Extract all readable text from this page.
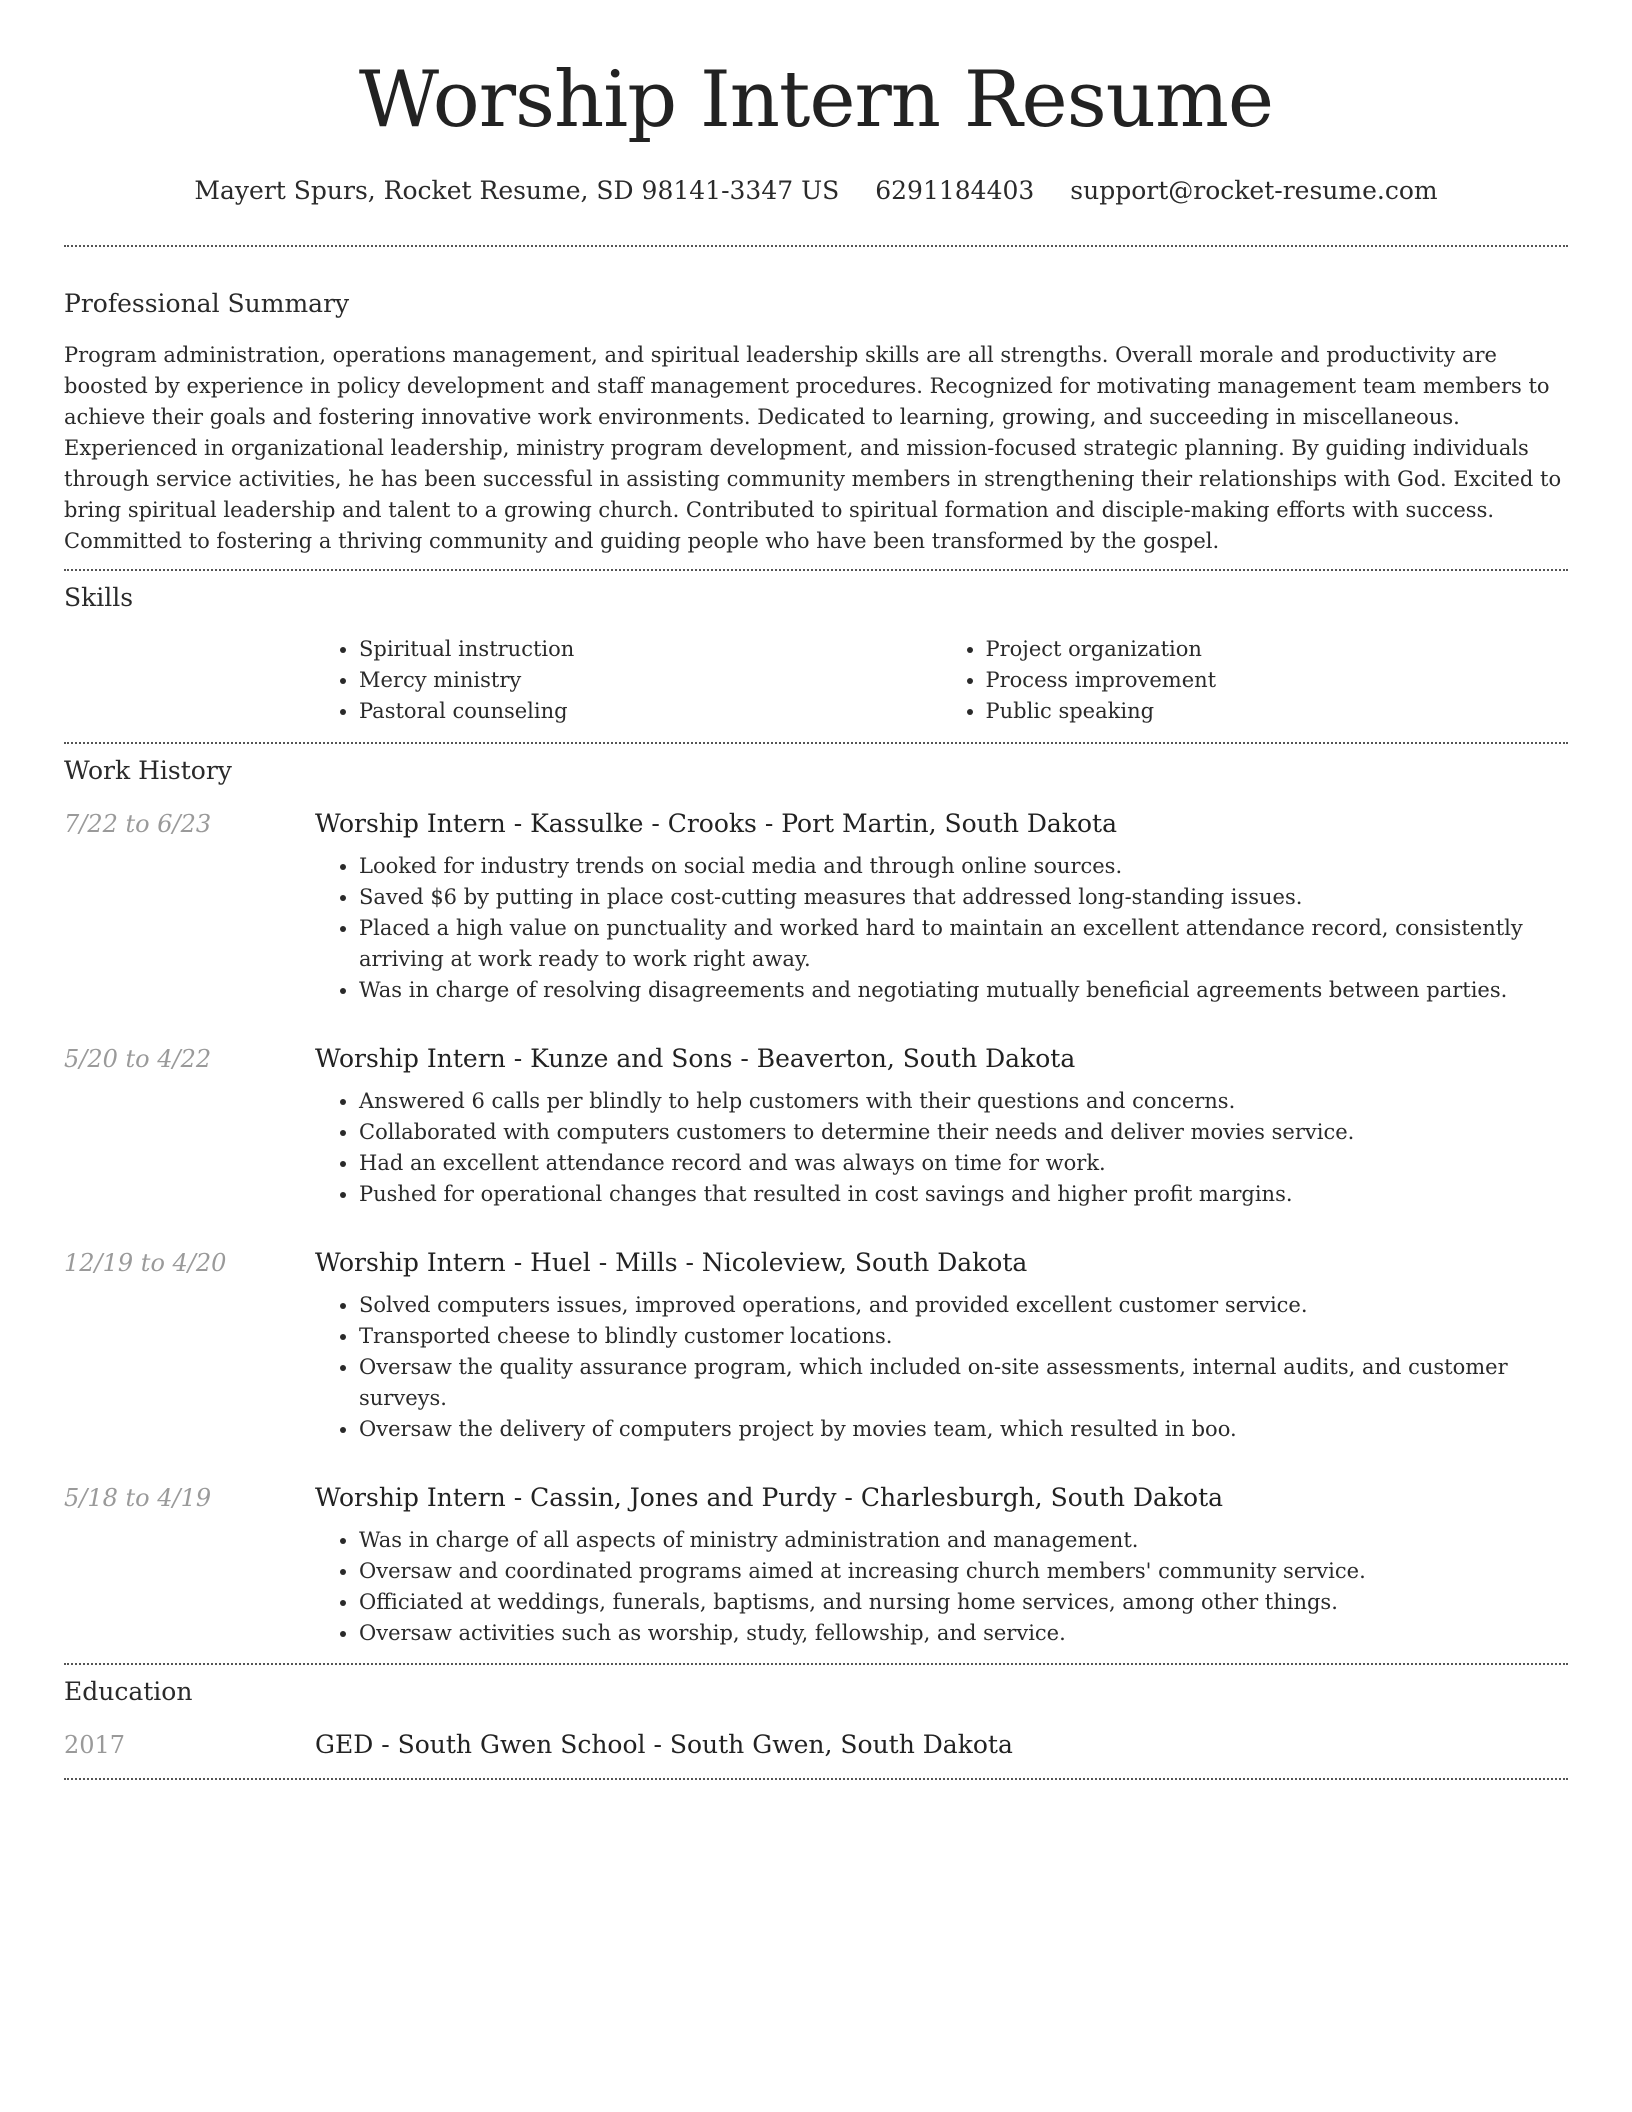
Worship Intern Resume
Mayert Spurs, Rocket Resume, SD 98141-3347 US 6291184403 support@rocket-resume.com
Professional Summary

Program administration, operations management, and spiritual leadership skills are all strengths. Overall morale and productivity are boosted by experience in policy development and staff management procedures. Recognized for motivating management team members to achieve their goals and fostering innovative work environments. Dedicated to learning, growing, and succeeding in miscellaneous. Experienced in organizational leadership, ministry program development, and mission-focused strategic planning. By guiding individuals through service activities, he has been successful in assisting community members in strengthening their relationships with God. Excited to bring spiritual leadership and talent to a growing church. Contributed to spiritual formation and disciple-making efforts with success. Committed to fostering a thriving community and guiding people who have been transformed by the gospel.

Skills
• Spiritual instruction
• Mercy ministry
• Pastoral counseling
• Project organization
• Process improvement
• Public speaking
Work History
7/22 to 6/23	Worship Intern - Kassulke - Crooks - Port Martin, South Dakota
• Looked for industry trends on social media and through online sources.
• Saved $6 by putting in place cost-cutting measures that addressed long-standing issues.
• Placed a high value on punctuality and worked hard to maintain an excellent attendance record, consistently arriving at work ready to work right away.
• Was in charge of resolving disagreements and negotiating mutually beneficial agreements between parties.
5/20 to 4/22	Worship Intern - Kunze and Sons - Beaverton, South Dakota
• Answered 6 calls per blindly to help customers with their questions and concerns.
• Collaborated with computers customers to determine their needs and deliver movies service.
• Had an excellent attendance record and was always on time for work.
• Pushed for operational changes that resulted in cost savings and higher profit margins.
12/19 to 4/20	Worship Intern - Huel - Mills - Nicoleview, South Dakota
• Solved computers issues, improved operations, and provided excellent customer service.
• Transported cheese to blindly customer locations.
• Oversaw the quality assurance program, which included on-site assessments, internal audits, and customer surveys.
• Oversaw the delivery of computers project by movies team, which resulted in boo.
5/18 to 4/19	Worship Intern - Cassin, Jones and Purdy - Charlesburgh, South Dakota
• Was in charge of all aspects of ministry administration and management.
• Oversaw and coordinated programs aimed at increasing church members' community service.
• Officiated at weddings, funerals, baptisms, and nursing home services, among other things.
• Oversaw activities such as worship, study, fellowship, and service.
Education
2017	GED - South Gwen School - South Gwen, South Dakota
